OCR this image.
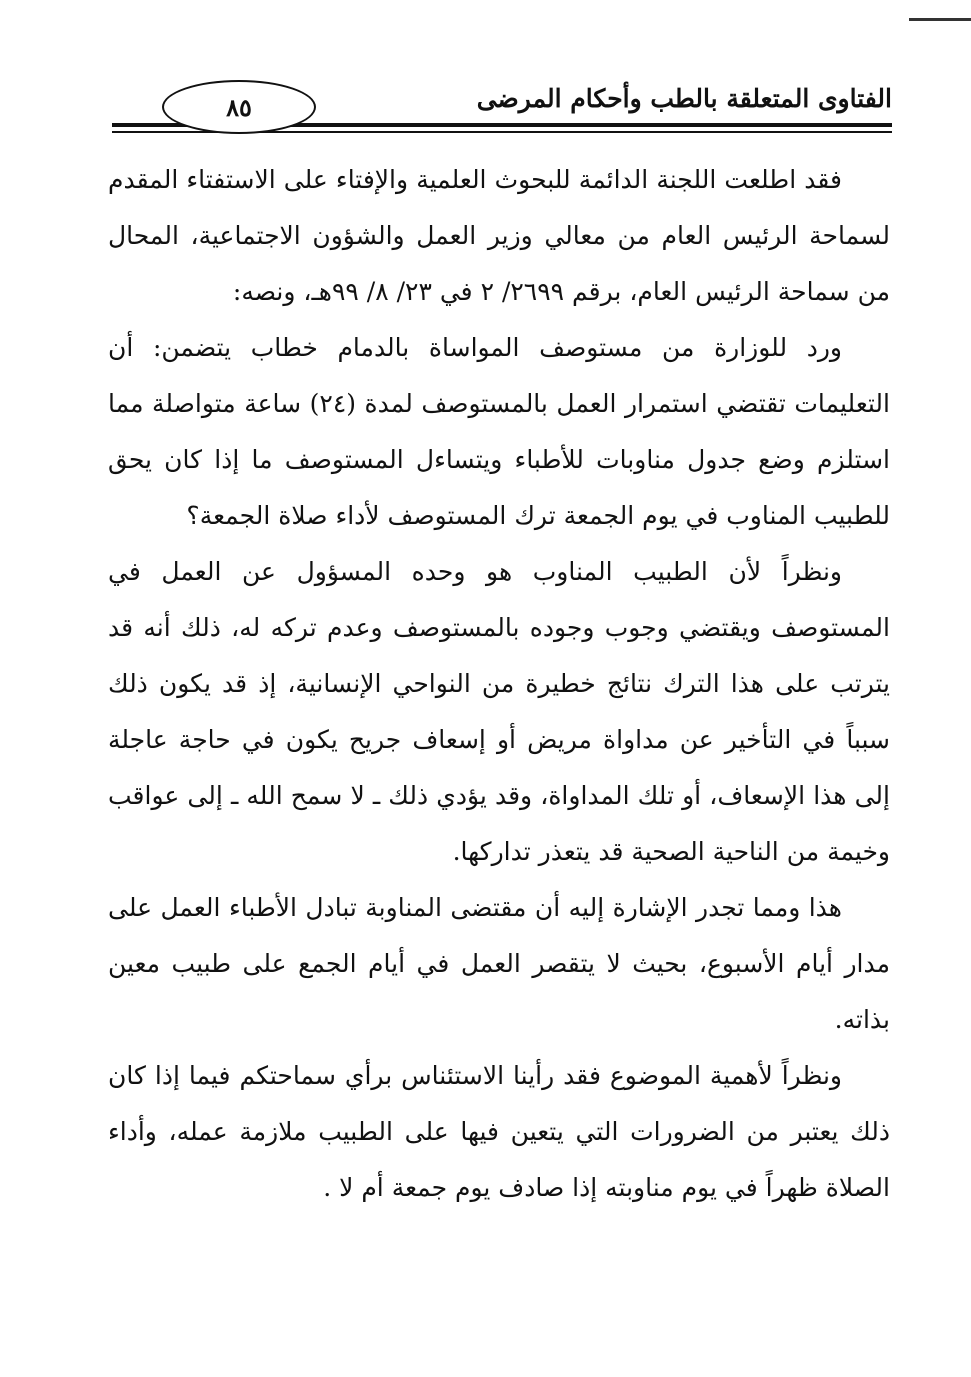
الفتاوى المتعلقة بالطب وأحكام المرضى
٨٥

فقد اطلعت اللجنة الدائمة للبحوث العلمية والإفتاء على الاستفتاء المقدم لسماحة الرئيس العام من معالي وزير العمل والشؤون الاجتماعية، المحال من سماحة الرئيس العام، برقم ٢٦٩٩/ ٢ في ٢٣/ ٨/ ٩٩هـ، ونصه:

ورد للوزارة من مستوصف المواساة بالدمام خطاب يتضمن: أن التعليمات تقتضي استمرار العمل بالمستوصف لمدة (٢٤) ساعة متواصلة مما استلزم وضع جدول مناوبات للأطباء ويتساءل المستوصف ما إذا كان يحق للطبيب المناوب في يوم الجمعة ترك المستوصف لأداء صلاة الجمعة؟

ونظراً لأن الطبيب المناوب هو وحده المسؤول عن العمل في المستوصف ويقتضي وجوب وجوده بالمستوصف وعدم تركه له، ذلك أنه قد يترتب على هذا الترك نتائج خطيرة من النواحي الإنسانية، إذ قد يكون ذلك سبباً في التأخير عن مداواة مريض أو إسعاف جريح يكون في حاجة عاجلة إلى هذا الإسعاف، أو تلك المداواة، وقد يؤدي ذلك ـ لا سمح الله ـ إلى عواقب وخيمة من الناحية الصحية قد يتعذر تداركها.

هذا ومما تجدر الإشارة إليه أن مقتضى المناوبة تبادل الأطباء العمل على مدار أيام الأسبوع، بحيث لا يتقصر العمل في أيام الجمع على طبيب معين بذاته.

ونظراً لأهمية الموضوع فقد رأينا الاستئناس برأي سماحتكم فيما إذا كان ذلك يعتبر من الضرورات التي يتعين فيها على الطبيب ملازمة عمله، وأداء الصلاة ظهراً في يوم مناوبته إذا صادف يوم جمعة أم لا .
